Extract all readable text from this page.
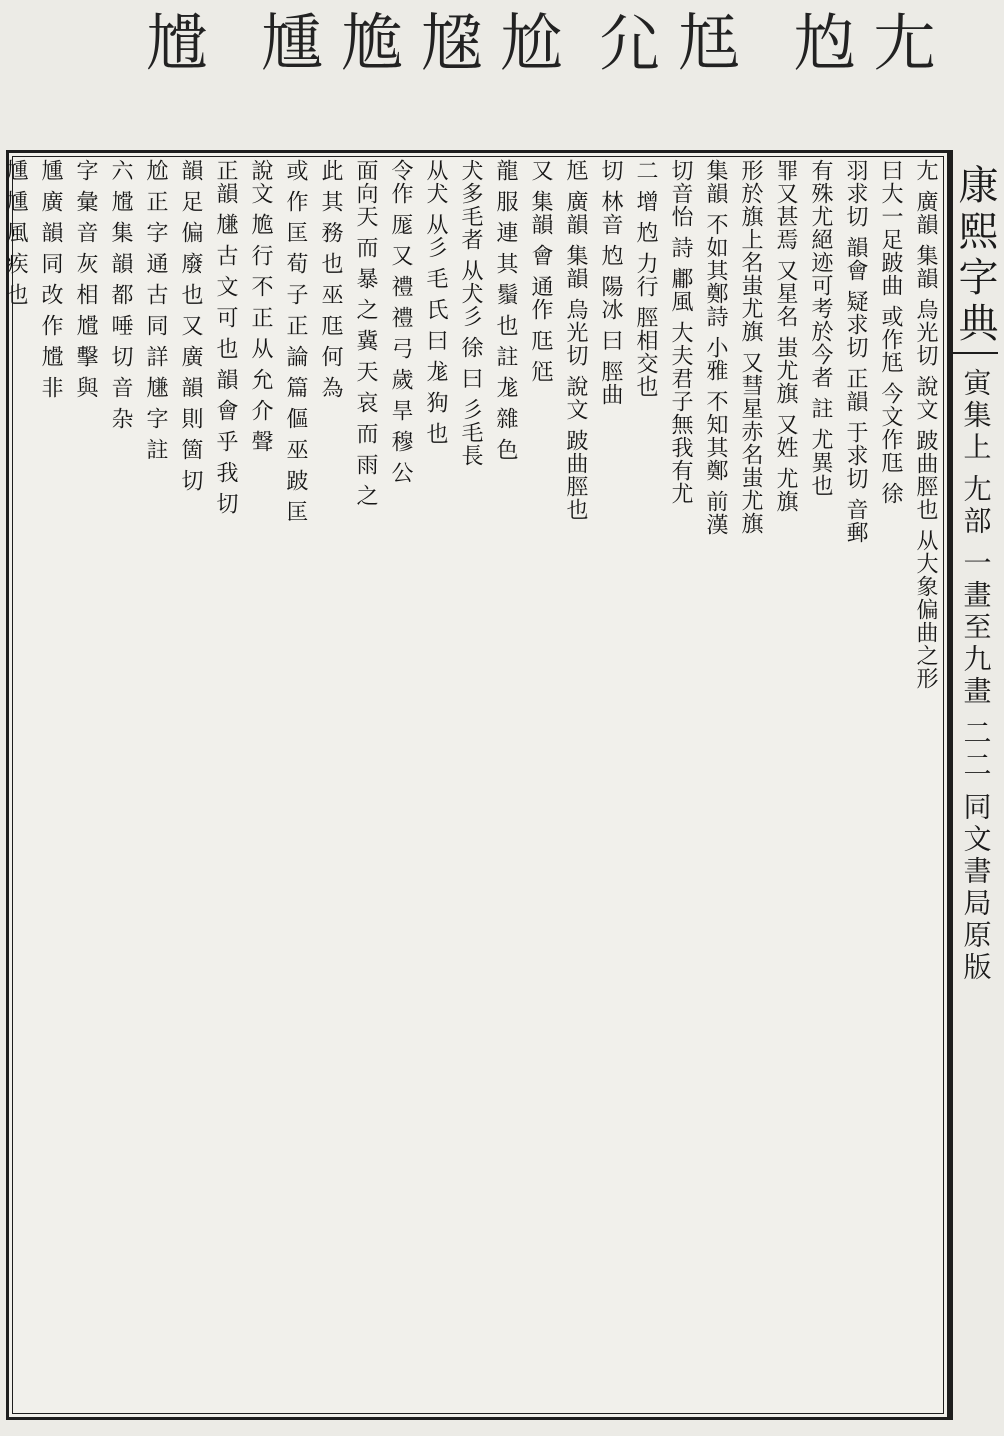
尢
尥
尪
尣
尬
尮
尯
尰
尳
尢 廣韻 集韻 烏光切 說文 跛曲脛也 从大象偏曲之形
曰大一足跛曲 或作尪 今文作尫 徐
羽求切 韻會 疑求切 正韻 于求切 音郵
有殊尤絕迹可考於今者 註 尤異也
罪又甚焉 又星名 蚩尤旗 又姓 尤旗
形於旗上名蚩尤旗 又彗星赤名蚩尤旗
集韻 不如其鄭詩 小雅 不知其鄭 前漢
切音怡 詩 鄘風 大夫君子無我有尤
二 增 尥 力行 脛相交也
切 林音 尥 陽冰 曰 脛曲
尪 廣韻 集韻 烏光切 說文 跛曲脛也
又 集韻 會 通作 尫 尩
龍 服 連 其 鬚 也 註 尨 雜 色
犬多毛者 从犬彡 徐 曰 彡毛長
从犬 从彡 毛 氏 曰 尨 狗 也
令作 厖 又 禮 禮 弓 歲 旱 穆 公
面向天 而 暴 之 冀 天 哀 而 雨 之
此 其 務 也 巫 尫 何 為
或 作 匡 荀 子 正 論 篇 傴 巫 跛 匡
說文 尯 行 不 正 从 允 介 聲
正韻 尲 古 文 可 也 韻 會 乎 我 切
韻 足 偏 廢 也 又 廣 韻 則 箇 切
尬 正 字 通 古 同 詳 尲 字 註
六 尳 集 韻 都 唾 切 音 杂
字 彙 音 灰 相 尳 擊 與
尰 廣 韻 同 改 作 尳 非
尰 尰 風 疾 也	康熙字典
寅集上
尢部
一畫至九畫
二二
同文書局原版
